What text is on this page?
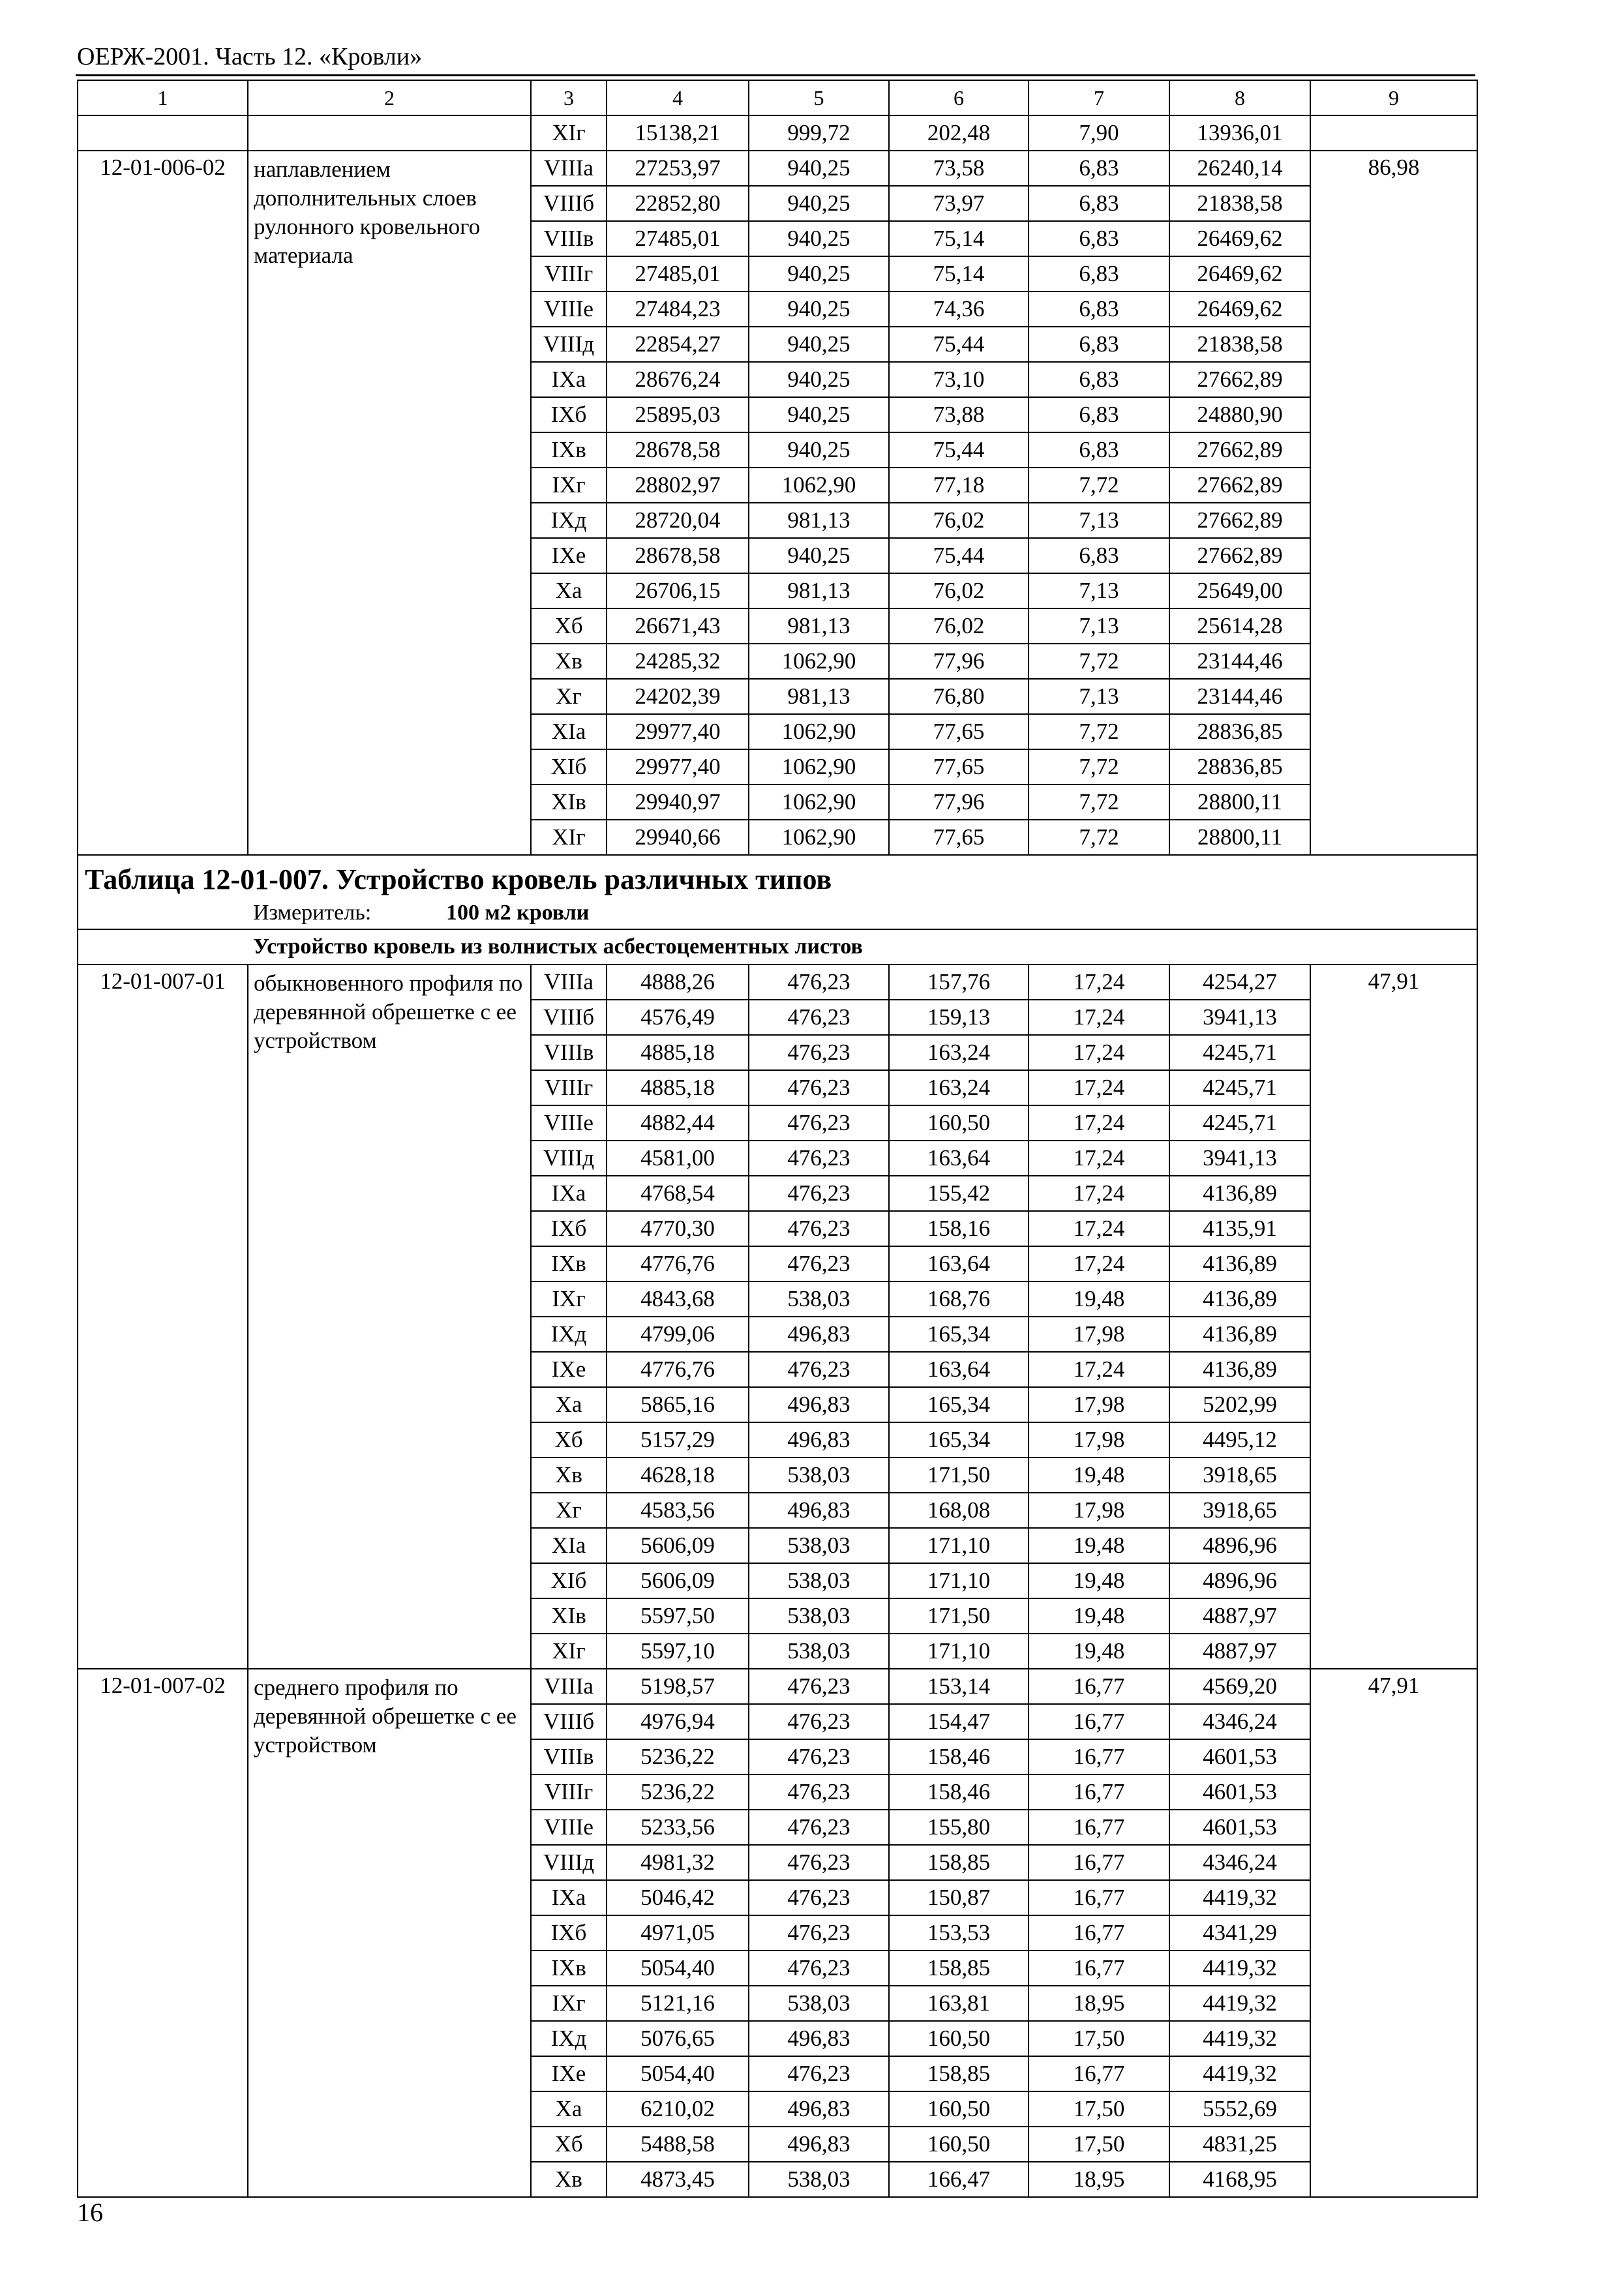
ОЕРЖ-2001. Часть 12. «Кровли»
1	2	3	4	5	6	7	8	9
		XIг	15138,21	999,72	202,48	7,90	13936,01	
12-01-006-02	наплавлением дополнительных слоев рулонного кровельного материала	VIIIа	27253,97	940,25	73,58	6,83	26240,14	86,98
		VIIIб	22852,80	940,25	73,97	6,83	21838,58	
		VIIIв	27485,01	940,25	75,14	6,83	26469,62	
		VIIIг	27485,01	940,25	75,14	6,83	26469,62	
		VIIIе	27484,23	940,25	74,36	6,83	26469,62	
		VIIIд	22854,27	940,25	75,44	6,83	21838,58	
		IXа	28676,24	940,25	73,10	6,83	27662,89	
		IXб	25895,03	940,25	73,88	6,83	24880,90	
		IXв	28678,58	940,25	75,44	6,83	27662,89	
		IXг	28802,97	1062,90	77,18	7,72	27662,89	
		IXд	28720,04	981,13	76,02	7,13	27662,89	
		IXе	28678,58	940,25	75,44	6,83	27662,89	
		Xа	26706,15	981,13	76,02	7,13	25649,00	
		Xб	26671,43	981,13	76,02	7,13	25614,28	
		Xв	24285,32	1062,90	77,96	7,72	23144,46	
		Xг	24202,39	981,13	76,80	7,13	23144,46	
		XIа	29977,40	1062,90	77,65	7,72	28836,85	
		XIб	29977,40	1062,90	77,65	7,72	28836,85	
		XIв	29940,97	1062,90	77,96	7,72	28800,11	
		XIг	29940,66	1062,90	77,65	7,72	28800,11	

Таблица 12-01-007. Устройство кровель различных типов
Измеритель: 100 м2 кровли								

Устройство кровель из волнистых асбестоцементных листов								
12-01-007-01	обыкновенного профиля по деревянной обрешетке с ее устройством	VIIIа	4888,26	476,23	157,76	17,24	4254,27	47,91
		VIIIб	4576,49	476,23	159,13	17,24	3941,13	
		VIIIв	4885,18	476,23	163,24	17,24	4245,71	
		VIIIг	4885,18	476,23	163,24	17,24	4245,71	
		VIIIе	4882,44	476,23	160,50	17,24	4245,71	
		VIIIд	4581,00	476,23	163,64	17,24	3941,13	
		IXа	4768,54	476,23	155,42	17,24	4136,89	
		IXб	4770,30	476,23	158,16	17,24	4135,91	
		IXв	4776,76	476,23	163,64	17,24	4136,89	
		IXг	4843,68	538,03	168,76	19,48	4136,89	
		IXд	4799,06	496,83	165,34	17,98	4136,89	
		IXе	4776,76	476,23	163,64	17,24	4136,89	
		Xа	5865,16	496,83	165,34	17,98	5202,99	
		Xб	5157,29	496,83	165,34	17,98	4495,12	
		Xв	4628,18	538,03	171,50	19,48	3918,65	
		Xг	4583,56	496,83	168,08	17,98	3918,65	
		XIа	5606,09	538,03	171,10	19,48	4896,96	
		XIб	5606,09	538,03	171,10	19,48	4896,96	
		XIв	5597,50	538,03	171,50	19,48	4887,97	
		XIг	5597,10	538,03	171,10	19,48	4887,97	
12-01-007-02	среднего профиля по деревянной обрешетке с ее устройством	VIIIа	5198,57	476,23	153,14	16,77	4569,20	47,91
		VIIIб	4976,94	476,23	154,47	16,77	4346,24	
		VIIIв	5236,22	476,23	158,46	16,77	4601,53	
		VIIIг	5236,22	476,23	158,46	16,77	4601,53	
		VIIIе	5233,56	476,23	155,80	16,77	4601,53	
		VIIIд	4981,32	476,23	158,85	16,77	4346,24	
		IXа	5046,42	476,23	150,87	16,77	4419,32	
		IXб	4971,05	476,23	153,53	16,77	4341,29	
		IXв	5054,40	476,23	158,85	16,77	4419,32	
		IXг	5121,16	538,03	163,81	18,95	4419,32	
		IXд	5076,65	496,83	160,50	17,50	4419,32	
		IXе	5054,40	476,23	158,85	16,77	4419,32	
		Xа	6210,02	496,83	160,50	17,50	5552,69	
		Xб	5488,58	496,83	160,50	17,50	4831,25	
		Xв	4873,45	538,03	166,47	18,95	4168,95	
16
